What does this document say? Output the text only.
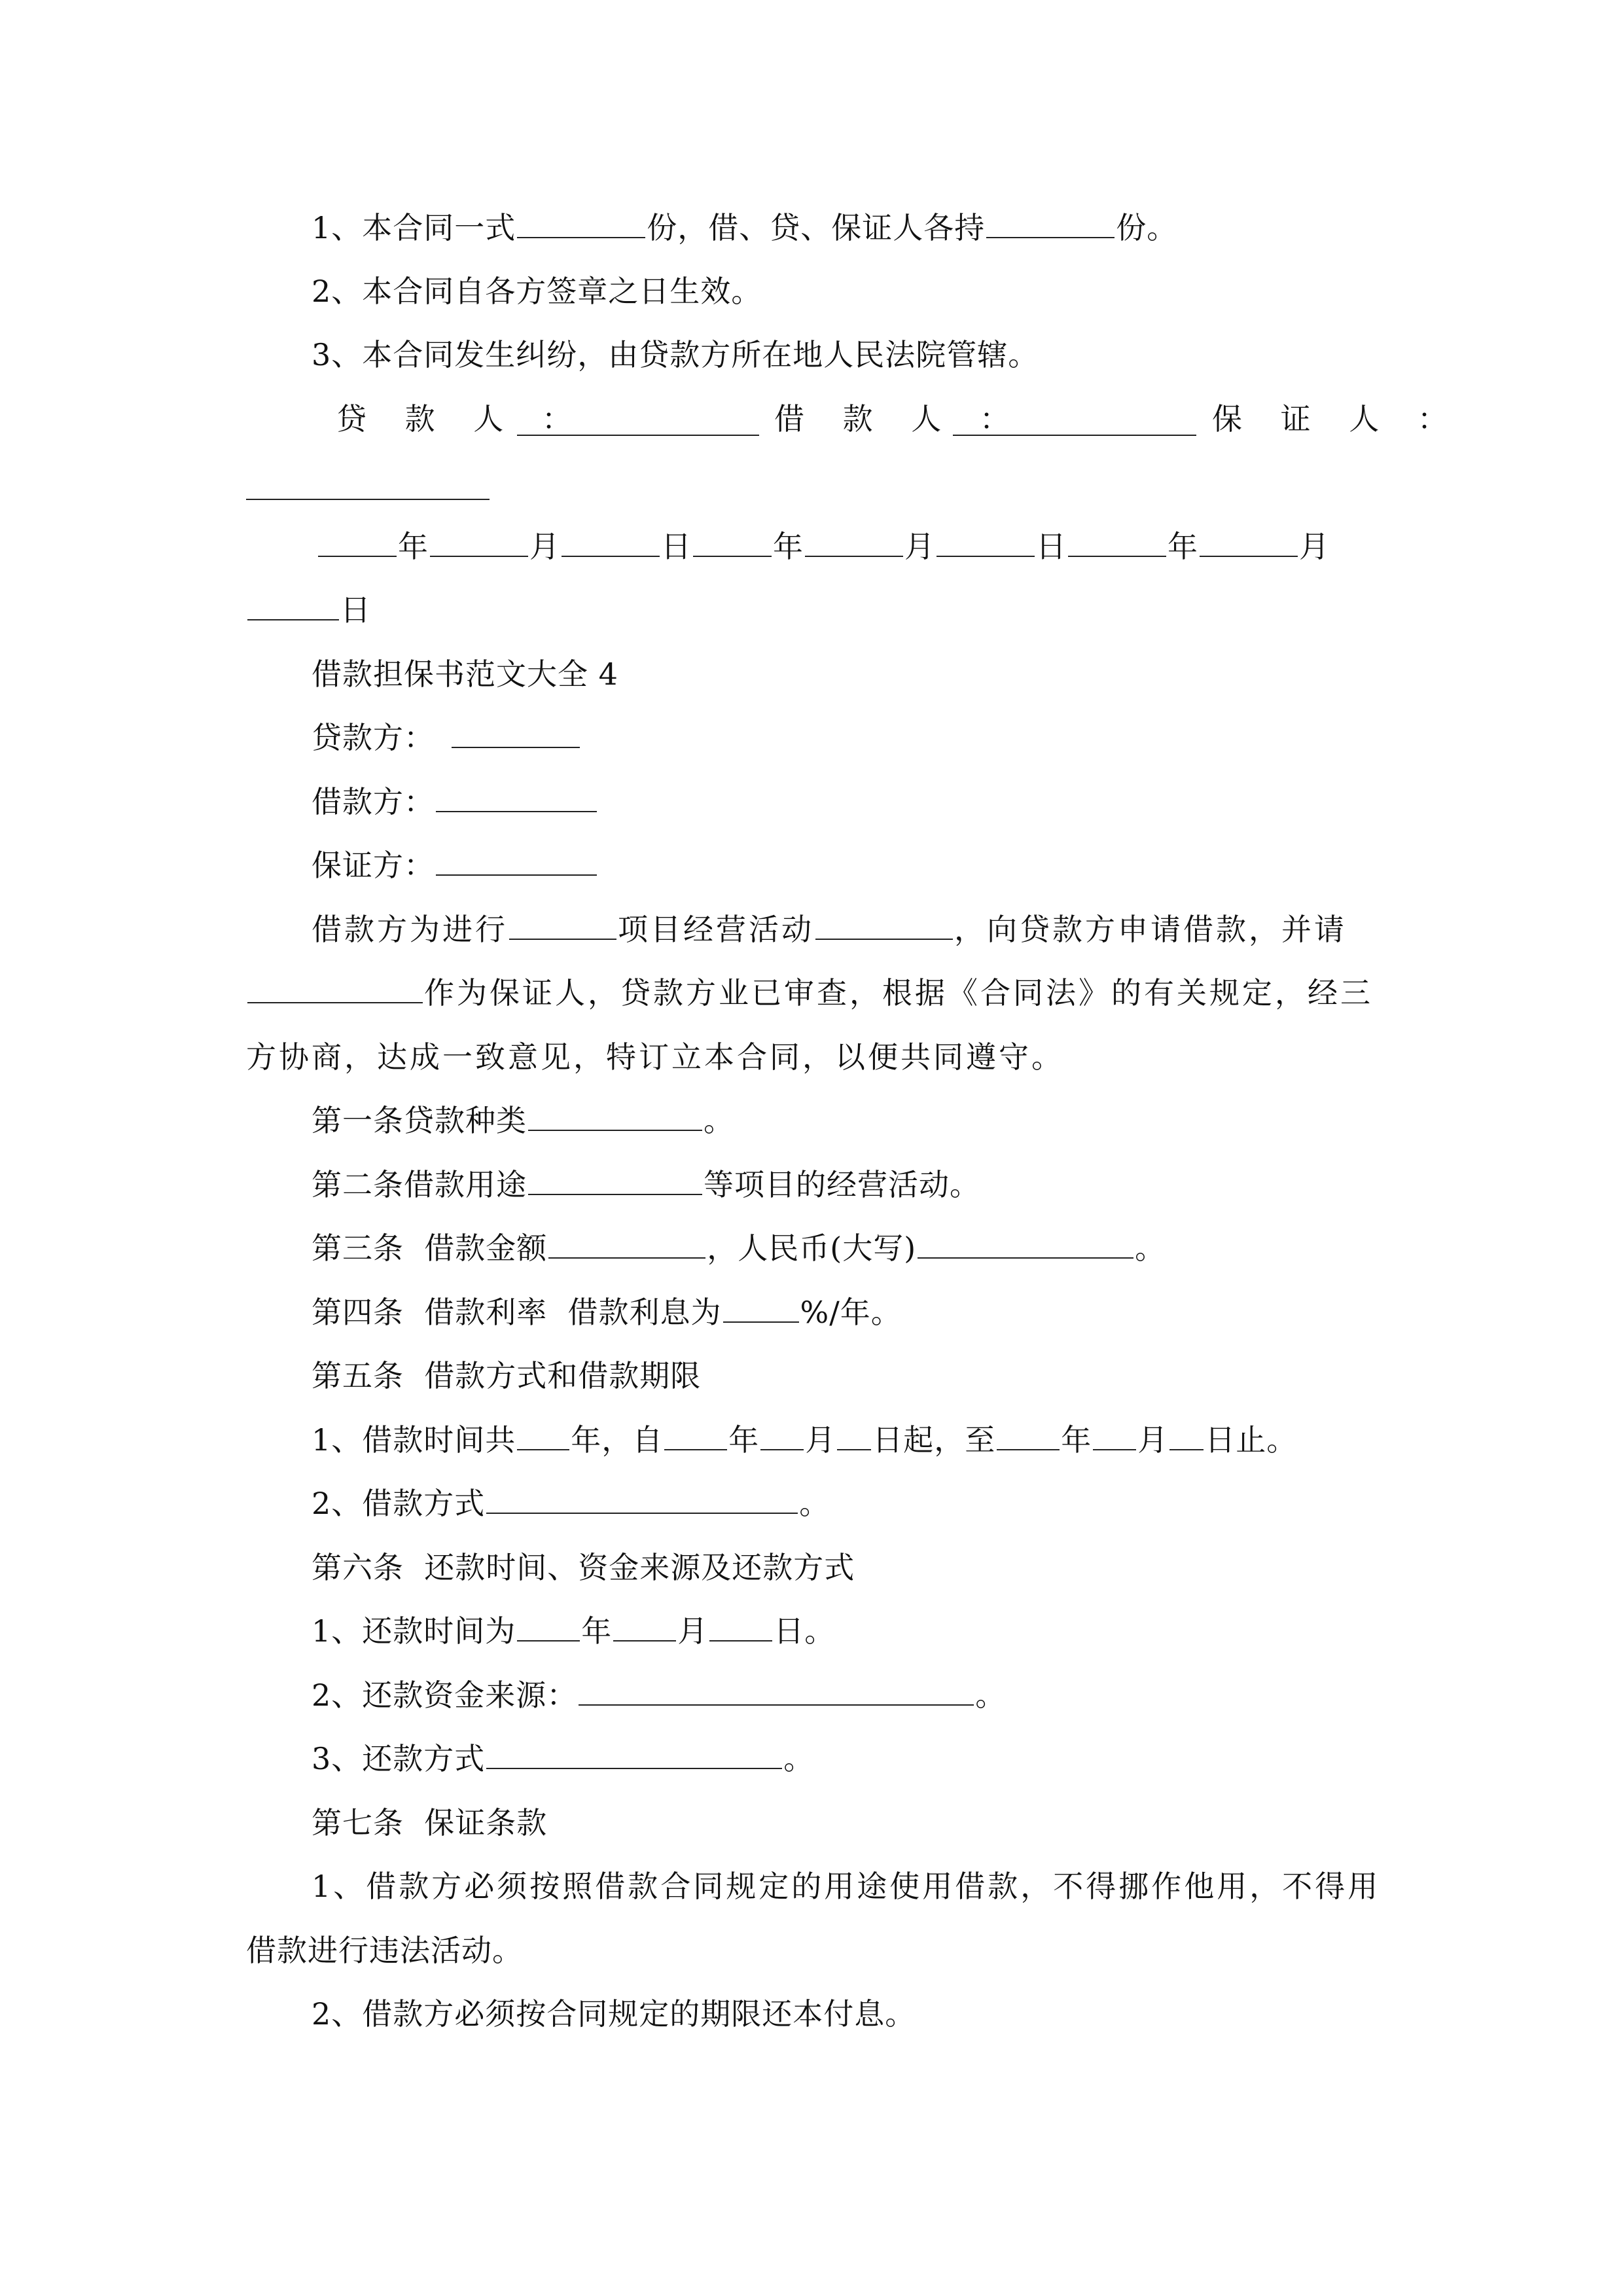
1、本合同一式	份，借、贷、保证人各持	份。
2、本合同自各方签章之日生效。
3、本合同发生纠纷，由贷款方所在地人民法院管辖。
贷 款 人 ：	借 款 人 ：	保 证 人 ：
年	月	日	年	月	日	年	月
日
借款担保书范文大全 4
贷款方：
借款方：
保证方：
借款方为进行	项目经营活动	，向贷款方申请借款，并请
作为保证人，贷款方业已审查，根据《合同法》的有关规定，经三
方协商，达成一致意见，特订立本合同，以便共同遵守。
第一条贷款种类	。
第二条借款用途	等项目的经营活动。
第三条  借款金额	，人民币(大写)	。
第四条  借款利率  借款利息为	%/年。
第五条  借款方式和借款期限
1、借款时间共 年，自 年 月 日起，至 年 月 日止。
2、借款方式	。
第六条  还款时间、资金来源及还款方式
1、还款时间为 年 月 日。
2、还款资金来源：	。
3、还款方式	。
第七条  保证条款
1、借款方必须按照借款合同规定的用途使用借款，不得挪作他用，不得用
借款进行违法活动。
2、借款方必须按合同规定的期限还本付息。
